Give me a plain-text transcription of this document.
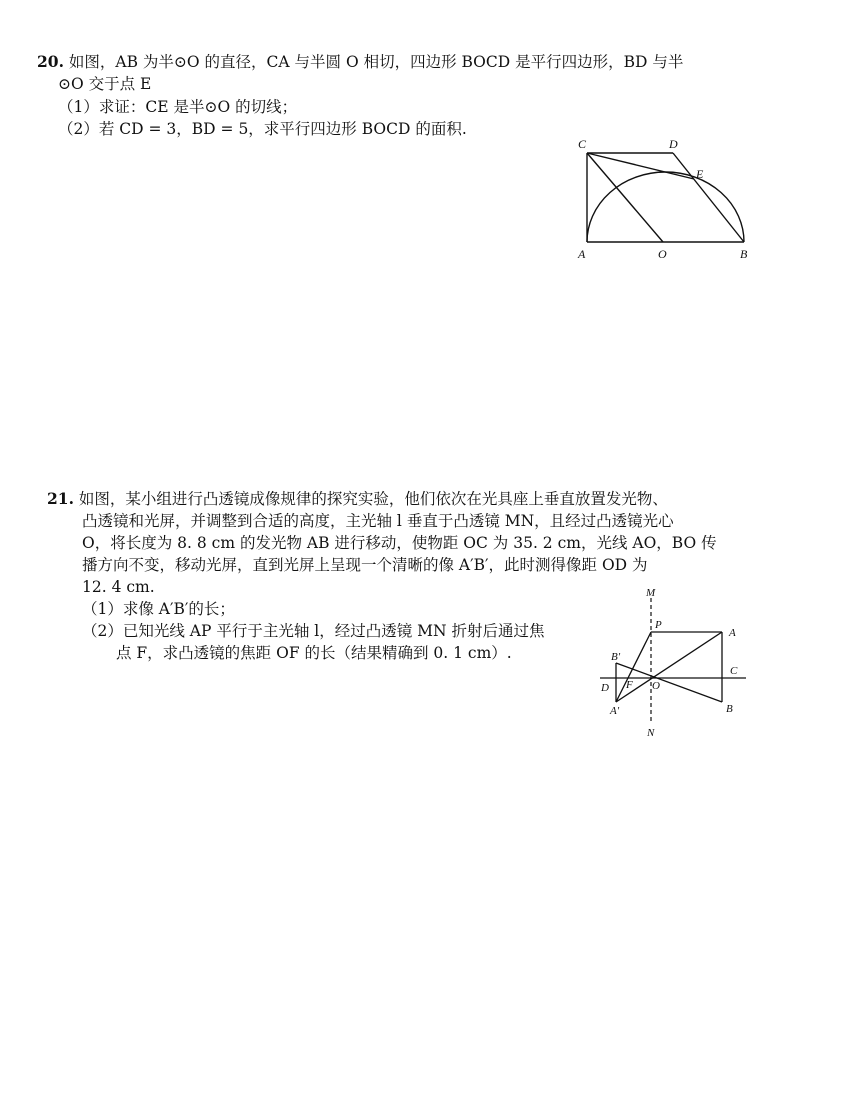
20. 如图，AB 为半⊙O 的直径，CA 与半圆 O 相切，四边形 BOCD 是平行四边形，BD 与半
⊙O 交于点 E
（1）求证：CE 是半⊙O 的切线；
（2）若 CD = 3，BD = 5，求平行四边形 BOCD 的面积.
C	D
E
A	O	B
21. 如图，某小组进行凸透镜成像规律的探究实验，他们依次在光具座上垂直放置发光物、
凸透镜和光屏，并调整到合适的高度，主光轴 l 垂直于凸透镜 MN，且经过凸透镜光心
O，将长度为 8. 8 cm 的发光物 AB 进行移动，使物距 OC 为 35. 2 cm，光线 AO，BO 传
播方向不变，移动光屏，直到光屏上呈现一个清晰的像 A′B′，此时测得像距 OD 为
12. 4 cm.
（1）求像 A′B′的长；
（2）已知光线 AP 平行于主光轴 l，经过凸透镜 MN 折射后通过焦
点 F，求凸透镜的焦距 OF 的长（结果精确到 0. 1 cm）.
M
P
A
B′
C
D F O
A′	B
N
